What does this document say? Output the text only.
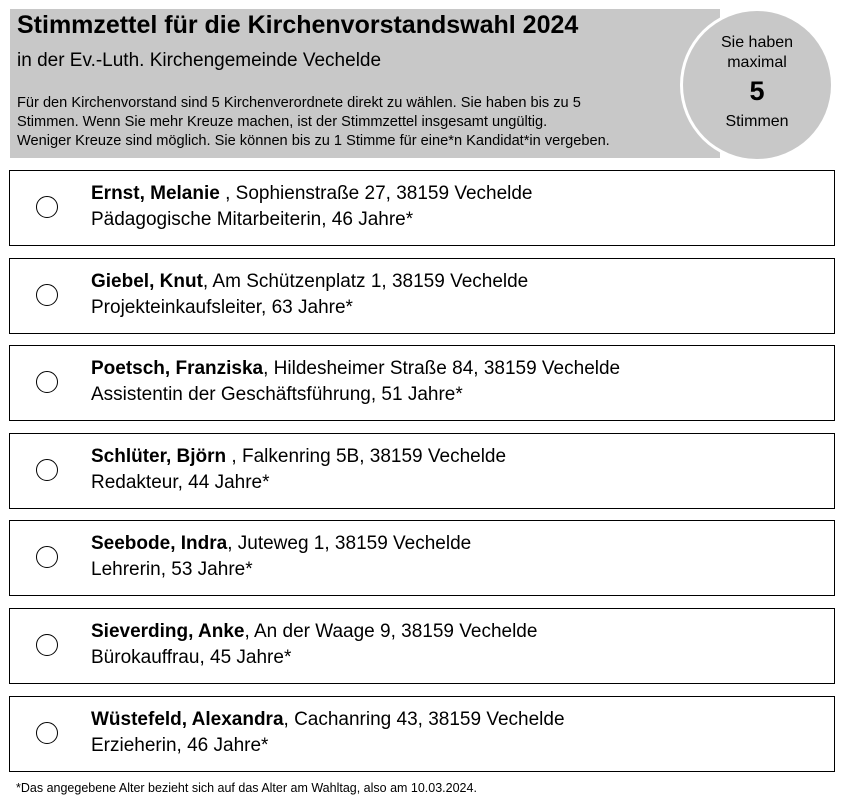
Stimmzettel für die Kirchenvorstandswahl 2024
in der Ev.-Luth. Kirchengemeinde Vechelde
Für den Kirchenvorstand sind 5 Kirchenverordnete direkt zu wählen. Sie haben bis zu 5
Stimmen. Wenn Sie mehr Kreuze machen, ist der Stimmzettel insgesamt ungültig.
Weniger Kreuze sind möglich. Sie können bis zu 1 Stimme für eine*n Kandidat*in vergeben.
Sie haben
maximal
5
Stimmen
Ernst, Melanie , Sophienstraße 27, 38159 Vechelde
Pädagogische Mitarbeiterin, 46 Jahre*
Giebel, Knut, Am Schützenplatz 1, 38159 Vechelde
Projekteinkaufsleiter, 63 Jahre*
Poetsch, Franziska, Hildesheimer Straße 84, 38159 Vechelde
Assistentin der Geschäftsführung, 51 Jahre*
Schlüter, Björn , Falkenring 5B, 38159 Vechelde
Redakteur, 44 Jahre*
Seebode, Indra, Juteweg 1, 38159 Vechelde
Lehrerin, 53 Jahre*
Sieverding, Anke, An der Waage 9, 38159 Vechelde
Bürokauffrau, 45 Jahre*
Wüstefeld, Alexandra, Cachanring 43, 38159 Vechelde
Erzieherin, 46 Jahre*
*Das angegebene Alter bezieht sich auf das Alter am Wahltag, also am 10.03.2024.
